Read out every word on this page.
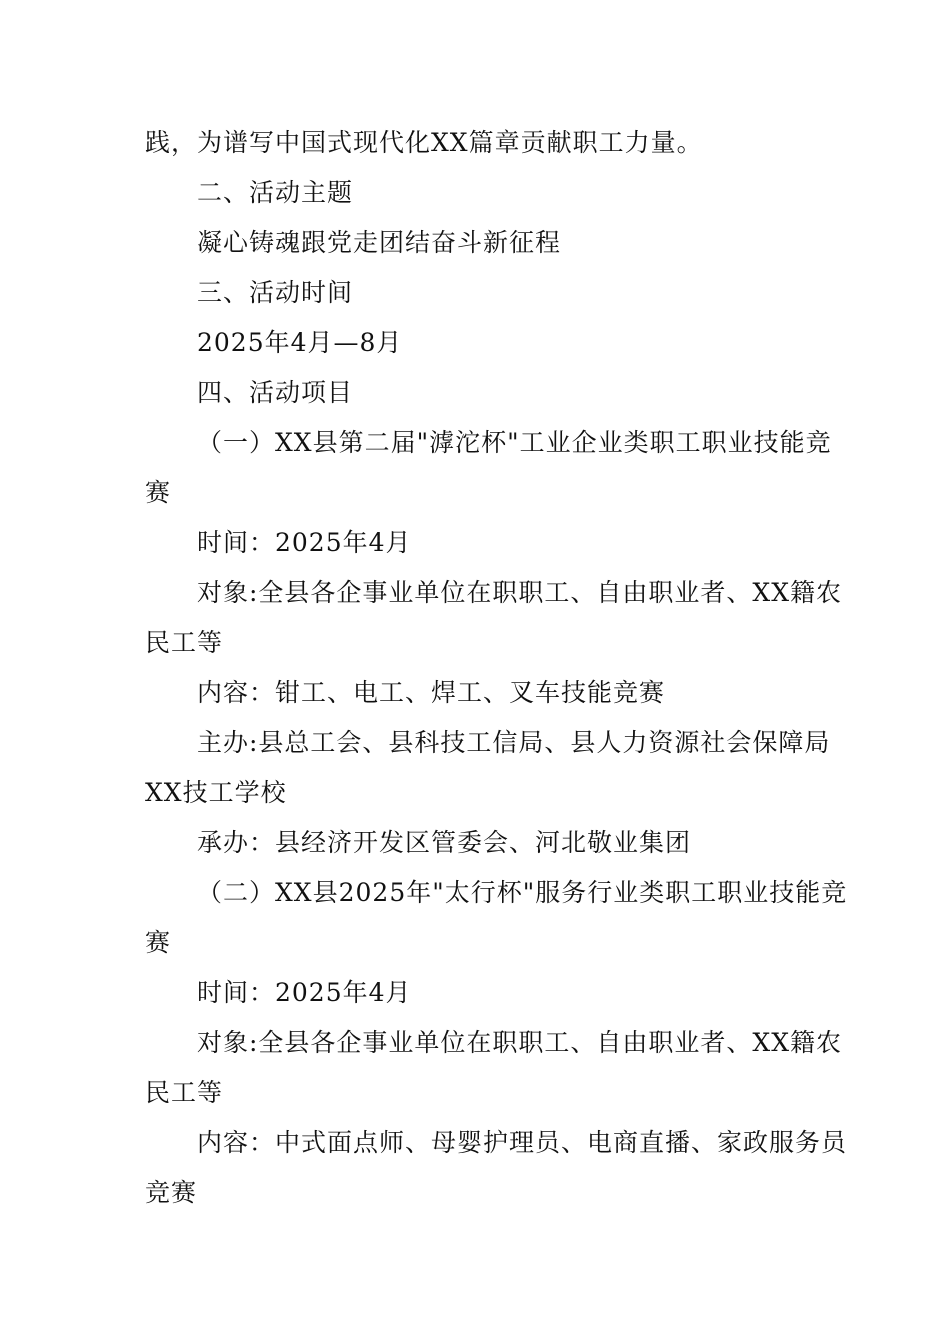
践，为谱写中国式现代化XX篇章贡献职工力量。
二、活动主题
凝心铸魂跟党走团结奋斗新征程
三、活动时间
2025年4月—8月
四、活动项目
（一）XX县第二届"滹沱杯"工业企业类职工职业技能竞
赛
时间：2025年4月
对象:全县各企事业单位在职职工、自由职业者、XX籍农
民工等
内容：钳工、电工、焊工、叉车技能竞赛
主办:县总工会、县科技工信局、县人力资源社会保障局
XX技工学校
承办：县经济开发区管委会、河北敬业集团
（二）XX县2025年"太行杯"服务行业类职工职业技能竞
赛
时间：2025年4月
对象:全县各企事业单位在职职工、自由职业者、XX籍农
民工等
内容：中式面点师、母婴护理员、电商直播、家政服务员
竞赛
